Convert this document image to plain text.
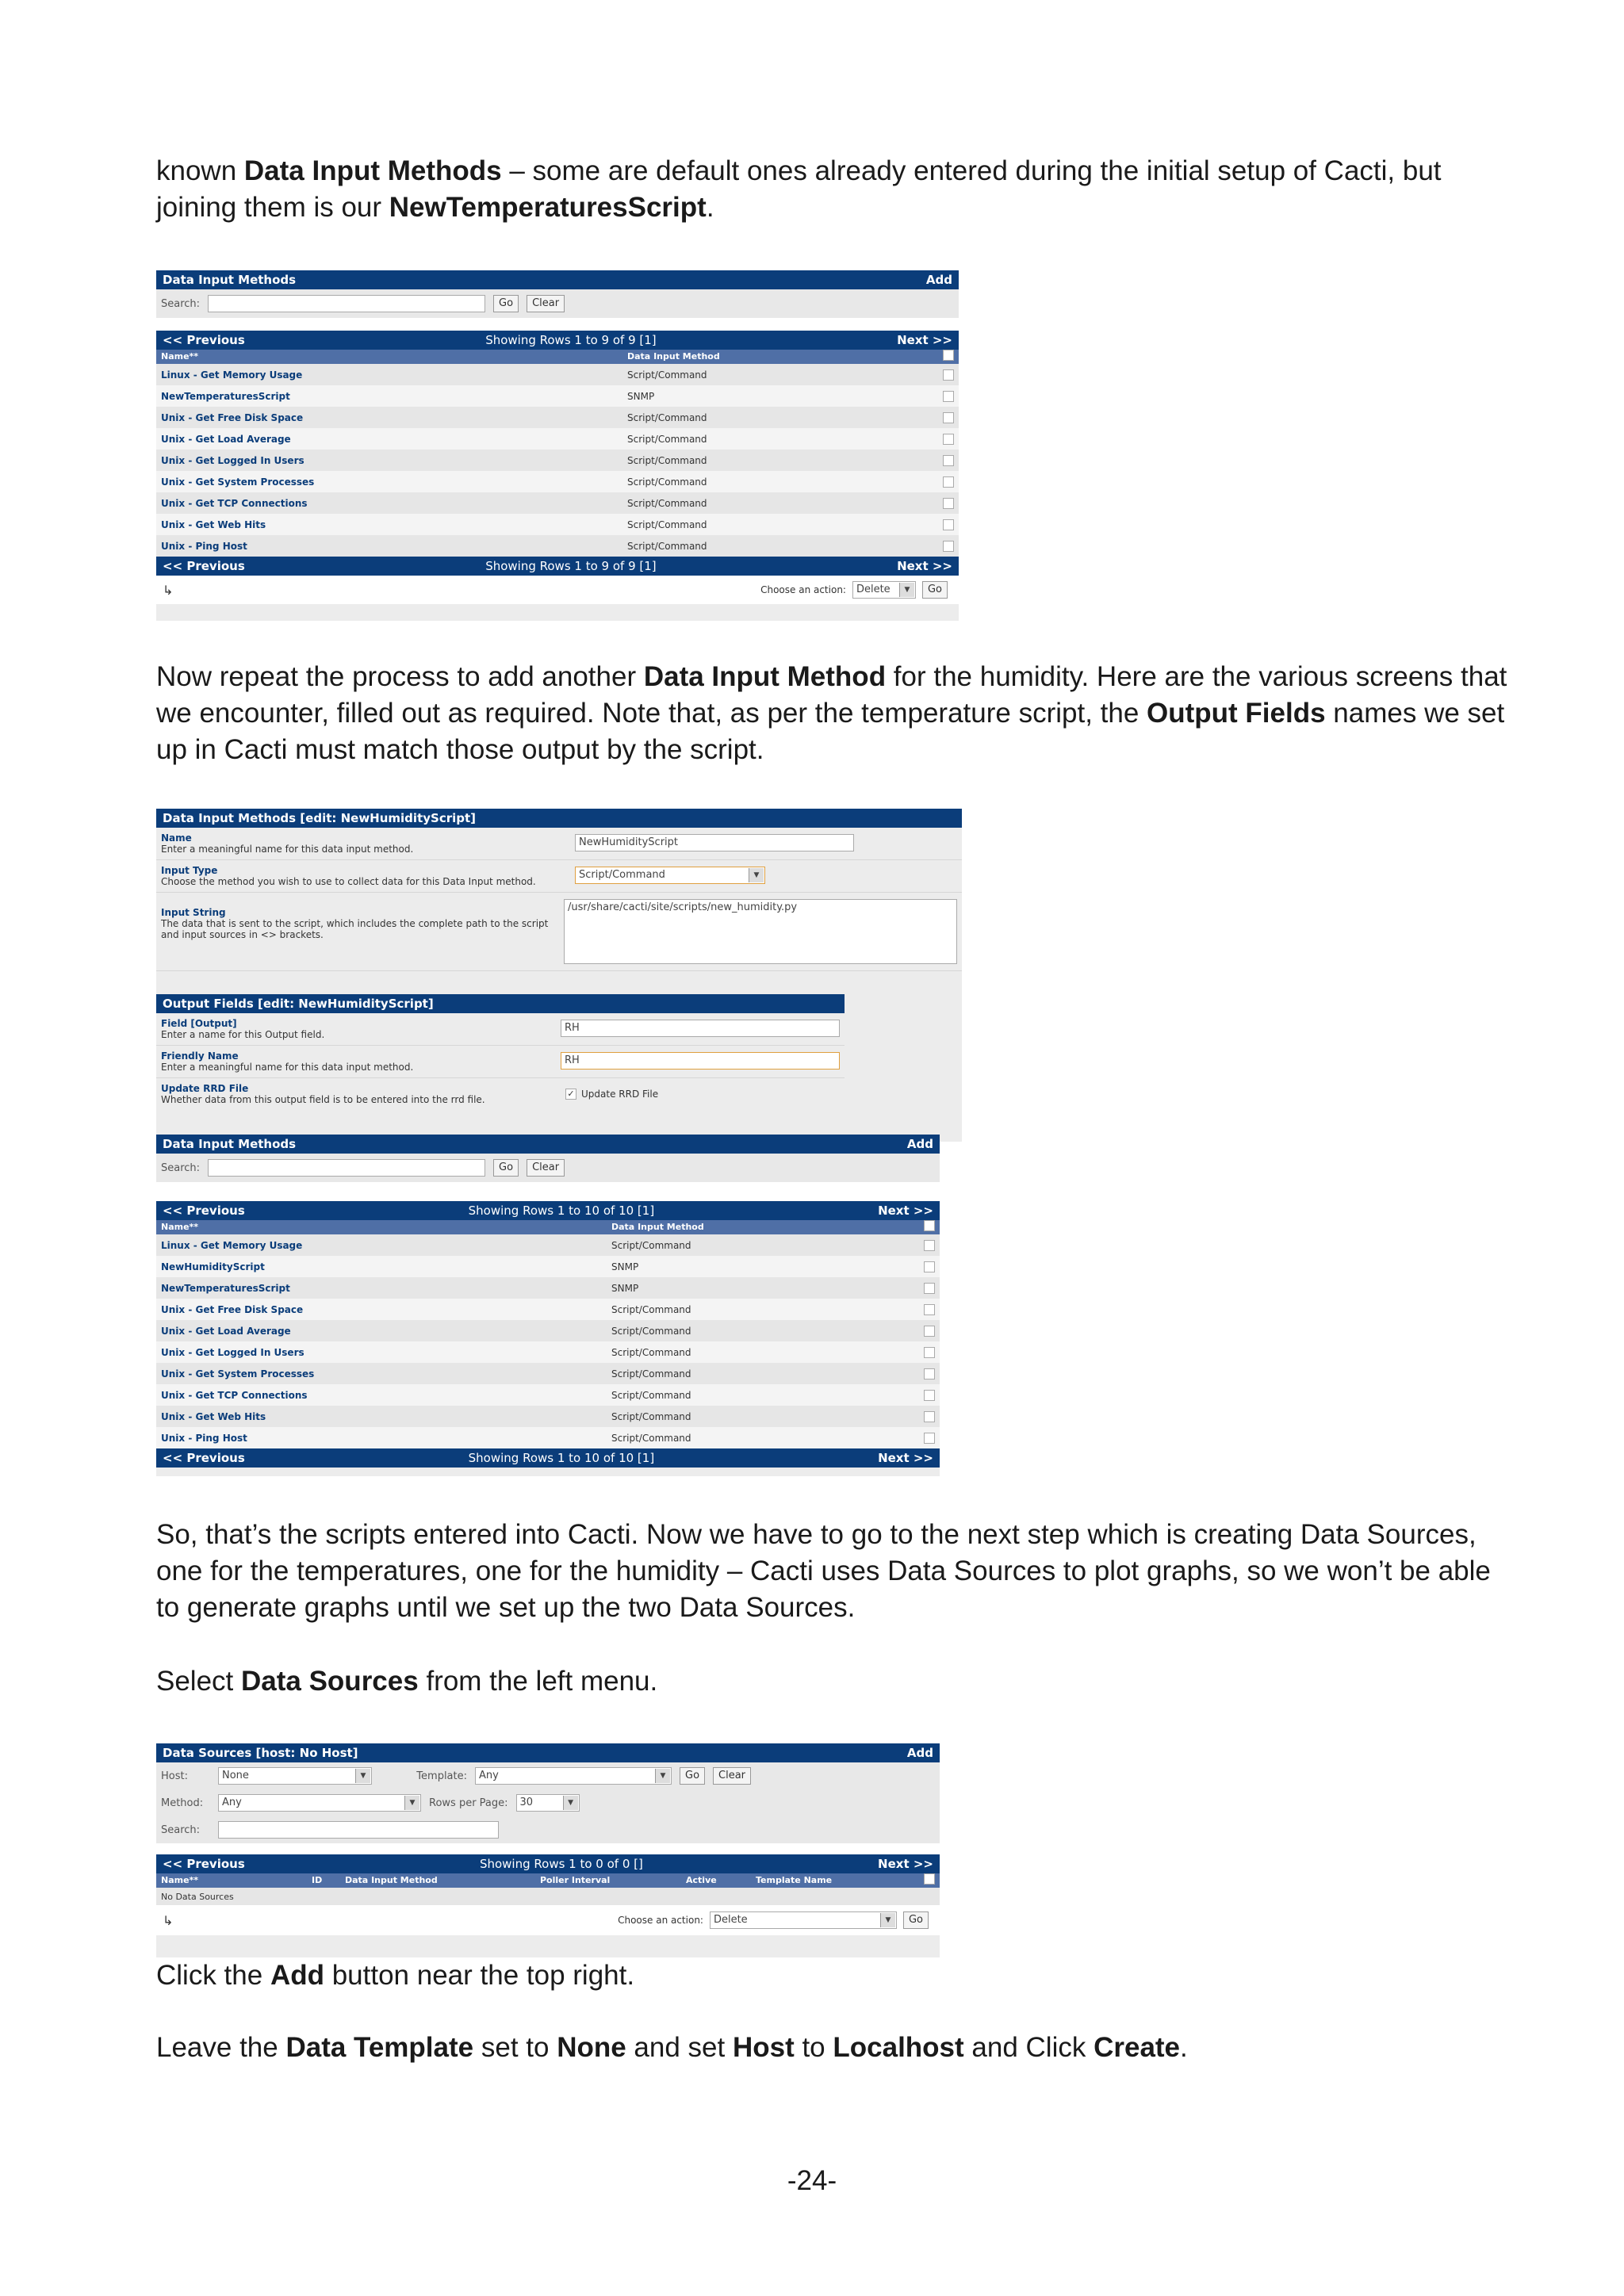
known Data Input Methods – some are default ones already entered during the initial setup of Cacti, but joining them is our NewTemperaturesScript.

Data Input Methods	Add
Search:	Go	Clear
<< Previous	Showing Rows 1 to 9 of 9 [1]	Next >>
Name**	Data Input Method
Linux - Get Memory Usage	Script/Command
NewTemperaturesScript	SNMP
Unix - Get Free Disk Space	Script/Command
Unix - Get Load Average	Script/Command
Unix - Get Logged In Users	Script/Command
Unix - Get System Processes	Script/Command
Unix - Get TCP Connections	Script/Command
Unix - Get Web Hits	Script/Command
Unix - Ping Host	Script/Command
<< Previous	Showing Rows 1 to 9 of 9 [1]	Next >>
↳	Choose an action:	Delete	▼	Go

Now repeat the process to add another Data Input Method for the humidity. Here are the various screens that we encounter, filled out as required. Note that, as per the temperature script, the Output Fields names we set up in Cacti must match those output by the script.

Data Input Methods [edit: NewHumidityScript]
Name
Enter a meaningful name for this data input method.
NewHumidityScript
Input Type
Choose the method you wish to use to collect data for this Data Input method.
Script/Command	▼
Input String
The data that is sent to the script, which includes the complete path to the script and input sources in <> brackets.
/usr/share/cacti/site/scripts/new_humidity.py
Output Fields [edit: NewHumidityScript]
Field [Output]
Enter a name for this Output field.
RH
Friendly Name
Enter a meaningful name for this data input method.
RH
Update RRD File
Whether data from this output field is to be entered into the rrd file.
✓ Update RRD File
Data Input Methods	Add
Search:	Go	Clear
<< Previous	Showing Rows 1 to 10 of 10 [1]	Next >>
Name**	Data Input Method
Linux - Get Memory Usage	Script/Command
NewHumidityScript	SNMP
NewTemperaturesScript	SNMP
Unix - Get Free Disk Space	Script/Command
Unix - Get Load Average	Script/Command
Unix - Get Logged In Users	Script/Command
Unix - Get System Processes	Script/Command
Unix - Get TCP Connections	Script/Command
Unix - Get Web Hits	Script/Command
Unix - Ping Host	Script/Command
<< Previous	Showing Rows 1 to 10 of 10 [1]	Next >>

So, that’s the scripts entered into Cacti. Now we have to go to the next step which is creating Data Sources, one for the temperatures, one for the humidity – Cacti uses Data Sources to plot graphs, so we won’t be able to generate graphs until we set up the two Data Sources.

Select Data Sources from the left menu.

Data Sources [host: No Host]	Add
Host:	None	▼	Template:	Any	▼	Go	Clear
Method:	Any	▼	Rows per Page:	30	▼
Search:
<< Previous	Showing Rows 1 to 0 of 0 []	Next >>
Name**	ID	Data Input Method	Poller Interval	Active	Template Name
No Data Sources
↳	Choose an action:	Delete	▼	Go

Click the Add button near the top right.

Leave the Data Template set to None and set Host to Localhost and Click Create.

-24-
